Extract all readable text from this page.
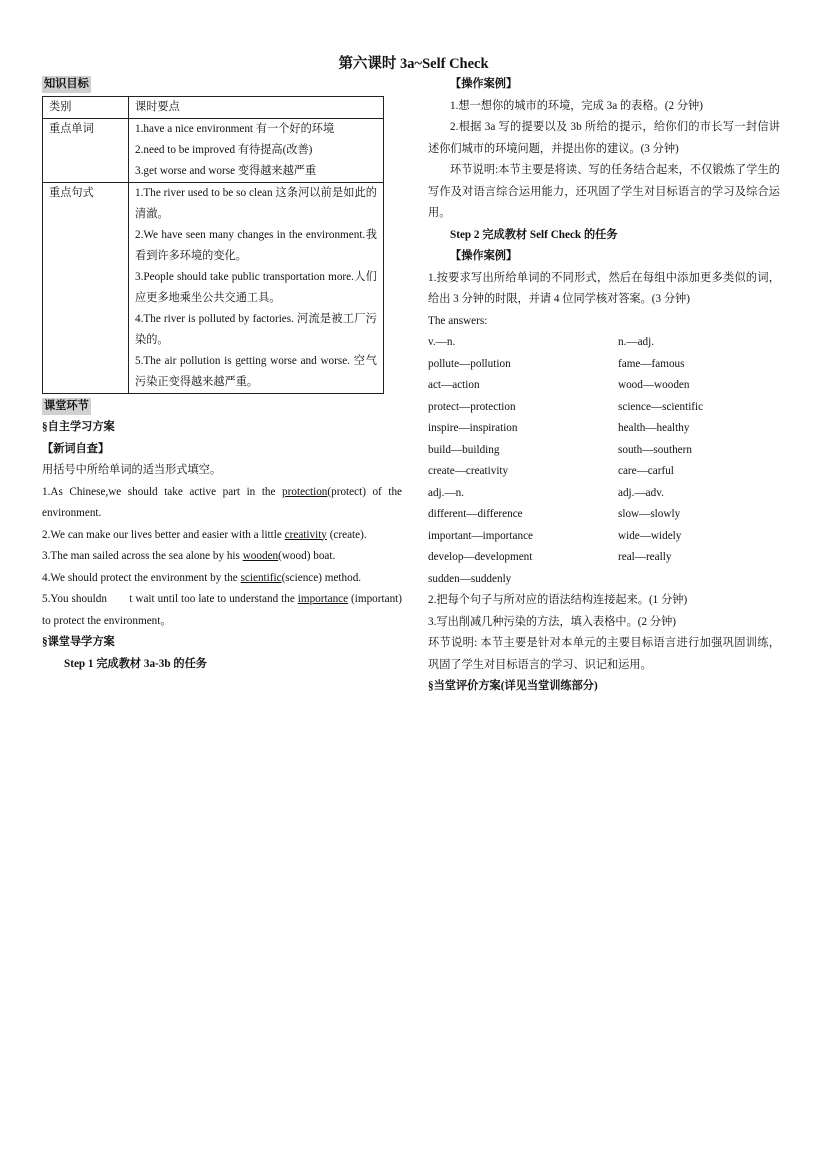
第六课时 3a~Self Check
知识目标
类别	课时要点
重点单词	1.have a nice environment 有一个好的环境
2.need to be improved 有待提高(改善)
3.get worse and worse 变得越来越严重

重点句式	1.The river used to be so clean 这条河以前是如此的清澈。
2.We have seen many changes in the environment.我看到许多环境的变化。
3.People should take public transportation more.人们应更多地乘坐公共交通工具。
4.The river is polluted by factories. 河流是被工厂污染的。
5.The air pollution is getting worse and worse. 空气污染正变得越来越严重。
课堂环节

§自主学习方案

【新词自查】

用括号中所给单词的适当形式填空。

1.As Chinese,we should take active part in the protection(protect) of the environment.

2.We can make our lives better and easier with a little creativity (create).

3.The man sailed across the sea alone by his wooden(wood) boat.

4.We should protect the environment by the scientific(science) method.

5.You shouldn  t wait until too late to understand the importance (important) to protect the environment。

§课堂导学方案

Step 1 完成教材 3a-3b 的任务

【操作案例】

1.想一想你的城市的环境，完成 3a 的表格。(2 分钟)

2.根据 3a 写的提要以及 3b 所给的提示，给你们的市长写一封信讲述你们城市的环境问题，并提出你的建议。(3 分钟)

环节说明:本节主要是将读、写的任务结合起来，不仅锻炼了学生的写作及对语言综合运用能力，还巩固了学生对目标语言的学习及综合运用。

Step 2 完成教材 Self Check 的任务

【操作案例】

1.按要求写出所给单词的不同形式，然后在每组中添加更多类似的词，给出 3 分钟的时限，并请 4 位同学核对答案。(3 分钟)

The answers:

v.—n.	n.—adj.
pollute—pollution	fame—famous
act—action	wood—wooden
protect—protection	science—scientific
inspire—inspiration	health—healthy
build—building	south—southern
create—creativity	care—carful
adj.—n.	adj.—adv.
different—difference	slow—slowly
important—importance	wide—widely
develop—development	real—really
sudden—suddenly

2.把每个句子与所对应的语法结构连接起来。(1 分钟)

3.写出削减几种污染的方法，填入表格中。(2 分钟)

环节说明: 本节主要是针对本单元的主要目标语言进行加强巩固训练，巩固了学生对目标语言的学习、识记和运用。

§当堂评价方案(详见当堂训练部分)
